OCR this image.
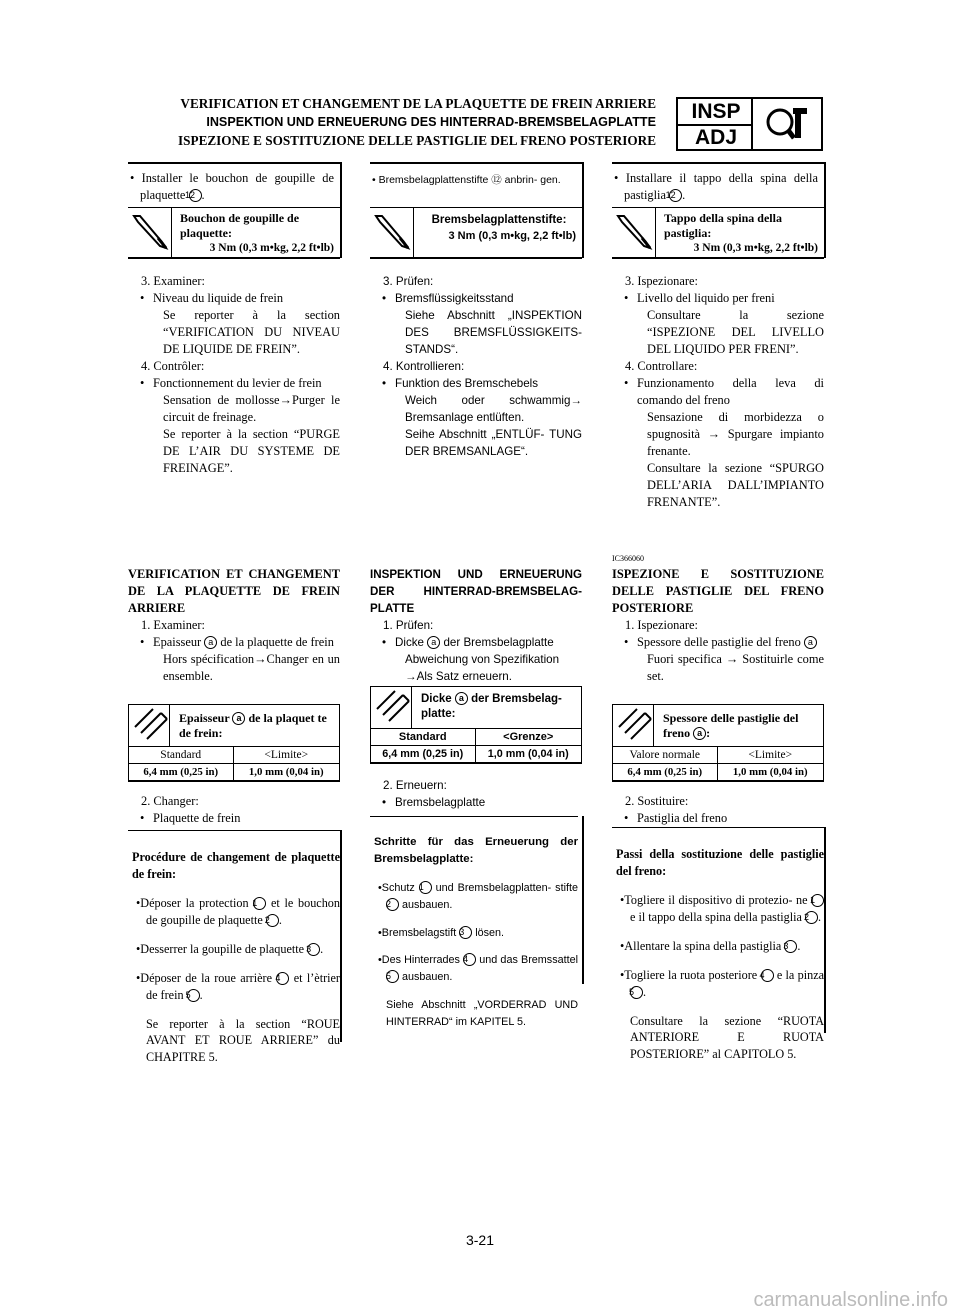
VERIFICATION ET CHANGEMENT DE LA PLAQUETTE DE FREIN ARRIERE
INSPEKTION UND ERNEUERUNG DES HINTERRAD-BREMSBELAGPLATTE
ISPEZIONE E SOSTITUZIONE DELLE PASTIGLIE DEL FRENO POSTERIORE
INSP
ADJ

• Installer le bouchon de goupille de plaquette 12 .

Bouchon de goupille de plaquette:
3 Nm (0,3 m•kg, 2,2 ft•lb)

3. Examiner:

• Niveau du liquide de frein

Se reporter à la section “VERIFICATION DU NIVEAU DE LIQUIDE DE FREIN”.

4. Contrôler:

• Fonctionnement du levier de frein

Sensation de mollosse→Purger le circuit de freinage.

Se reporter à la section “PURGE DE L’AIR DU SYSTEME DE FREINAGE”.

VERIFICATION ET CHANGEMENT DE LA PLAQUETTE DE FREIN ARRIERE

1. Examiner:

• Epaisseur a de la plaquette de frein

Hors spécification→Changer en un ensemble.

Epaisseur a de la plaquet te de frein:
Standard	<Limite>
6,4 mm (0,25 in)	1,0 mm (0,04 in)

2. Changer:

• Plaquette de frein

Procédure de changement de plaquette de frein:

•Déposer la protection 1 et le bouchon de goupille de plaquette 2 .

•Desserrer la goupille de plaquette 3 .

•Déposer de la roue arrière 4 et l’ètrier de frein 5 .

Se reporter à la section “ROUE AVANT ET ROUE ARRIERE” du CHAPITRE 5.

• Bremsbelagplattenstifte ⑫ anbrin- gen.

Bremsbelagplattenstifte:
3 Nm (0,3 m•kg, 2,2 ft•lb)

3. Prüfen:

• Bremsflüssigkeitsstand

Siehe Abschnitt „INSPEKTION DES BREMSFLÜSSIGKEITS- STANDS“.

4. Kontrollieren:

• Funktion des Bremschebels

Weich oder schwammig→ Bremsanlage entlüften.

Seihe Abschnitt „ENTLÜF- TUNG DER BREMSANLAGE“.

INSPEKTION UND ERNEUERUNG DER HINTERRAD-BREMSBELAG- PLATTE

1. Prüfen:

• Dicke a der Bremsbelagplatte

Abweichung von Spezifikation →Als Satz erneuern.

Dicke a der Bremsbelag- platte:
Standard	<Grenze>
6,4 mm (0,25 in)	1,0 mm (0,04 in)

2. Erneuern:

• Bremsbelagplatte

Schritte für das Erneuerung der Bremsbelagplatte:

•Schutz 1 und Bremsbelagplatten- stifte 2 ausbauen.

•Bremsbelagstift 3 lösen.

•Des Hinterrades 4 und das Bremssattel 5 ausbauen.

Siehe Abschnitt „VORDERRAD UND HINTERRAD“ im KAPITEL 5.

• Installare il tappo della spina della pastiglia 12 .

Tappo della spina della pastiglia:
3 Nm (0,3 m•kg, 2,2 ft•lb)

3. Ispezionare:

• Livello del liquido per freni

Consultare la sezione “ISPEZIONE DEL LIVELLO DEL LIQUIDO PER FRENI”.

4. Controllare:

• Funzionamento della leva di comando del freno

Sensazione di morbidezza o spugnosità → Spurgare impianto frenante.

Consultare la sezione “SPURGO DELL’ARIA DALL’IMPIANTO FRENANTE”.

IC366060
ISPEZIONE E SOSTITUZIONE DELLE PASTIGLIE DEL FRENO POSTERIORE

1. Ispezionare:

• Spessore delle pastiglie del freno a

Fuori specifica → Sostituirle come set.

Spessore delle pastiglie del freno a :
Valore normale	<Limite>
6,4 mm (0,25 in)	1,0 mm (0,04 in)

2. Sostituire:

• Pastiglia del freno

Passi della sostituzione delle pastiglie del freno:

•Togliere il dispositivo di protezio- ne 1 e il tappo della spina della pastiglia 2 .

•Allentare la spina della pastiglia 3 .

•Togliere la ruota posteriore 4 e la pinza 5 .

Consultare la sezione “RUOTA ANTERIORE E RUOTA POSTERIORE” al CAPITOLO 5.

3-21
carmanualsonline.info
